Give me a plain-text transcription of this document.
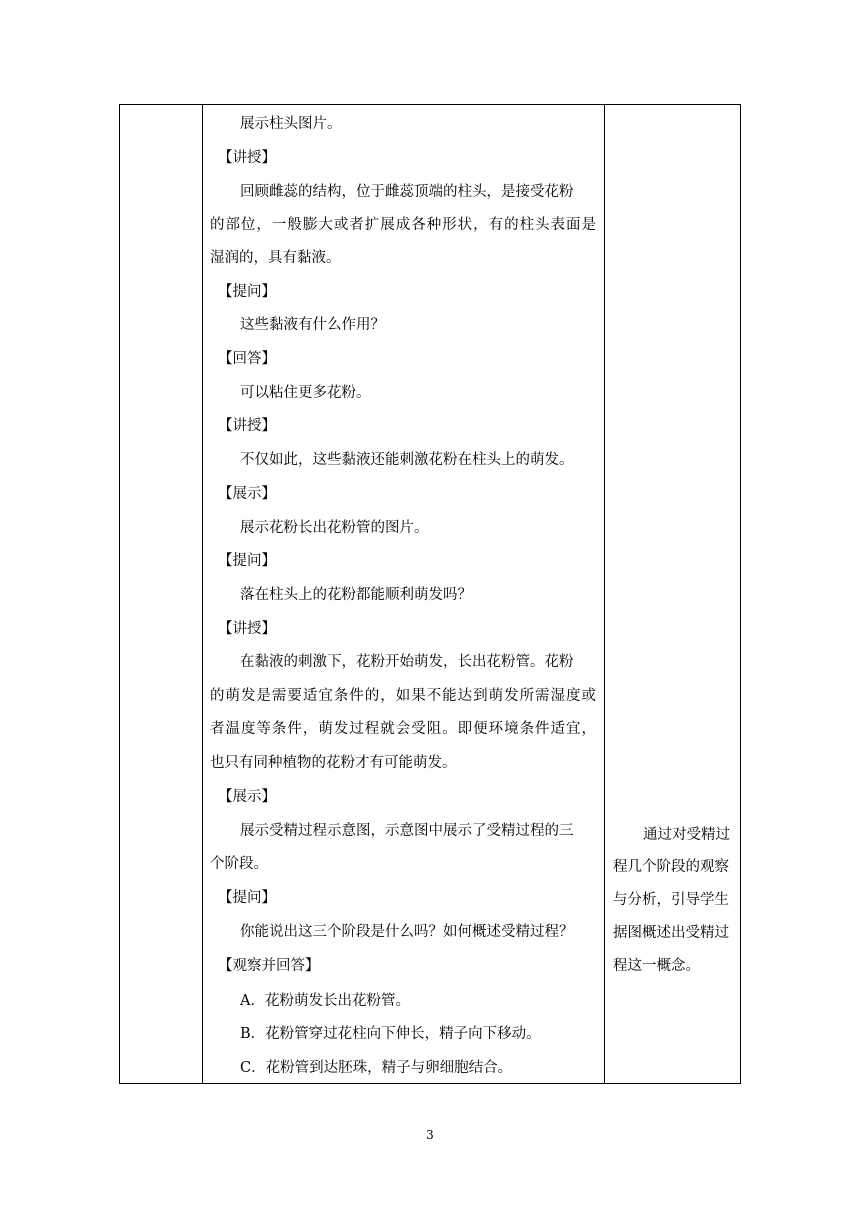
展示柱头图片。
【讲授】
回顾雌蕊的结构，位于雌蕊顶端的柱头，是接受花粉
的部位，一般膨大或者扩展成各种形状，有的柱头表面是
湿润的，具有黏液。
【提问】
这些黏液有什么作用？
【回答】
可以粘住更多花粉。
【讲授】
不仅如此，这些黏液还能刺激花粉在柱头上的萌发。
【展示】
展示花粉长出花粉管的图片。
【提问】
落在柱头上的花粉都能顺利萌发吗？
【讲授】
在黏液的刺激下，花粉开始萌发，长出花粉管。花粉
的萌发是需要适宜条件的，如果不能达到萌发所需湿度或
者温度等条件，萌发过程就会受阻。即便环境条件适宜，
也只有同种植物的花粉才有可能萌发。
【展示】
展示受精过程示意图，示意图中展示了受精过程的三
个阶段。
【提问】
你能说出这三个阶段是什么吗？如何概述受精过程？
【观察并回答】
A．花粉萌发长出花粉管。
B．花粉管穿过花柱向下伸长，精子向下移动。
C．花粉管到达胚珠，精子与卵细胞结合。
通过对受精过
程几个阶段的观察
与分析，引导学生
据图概述出受精过
程这一概念。
3
